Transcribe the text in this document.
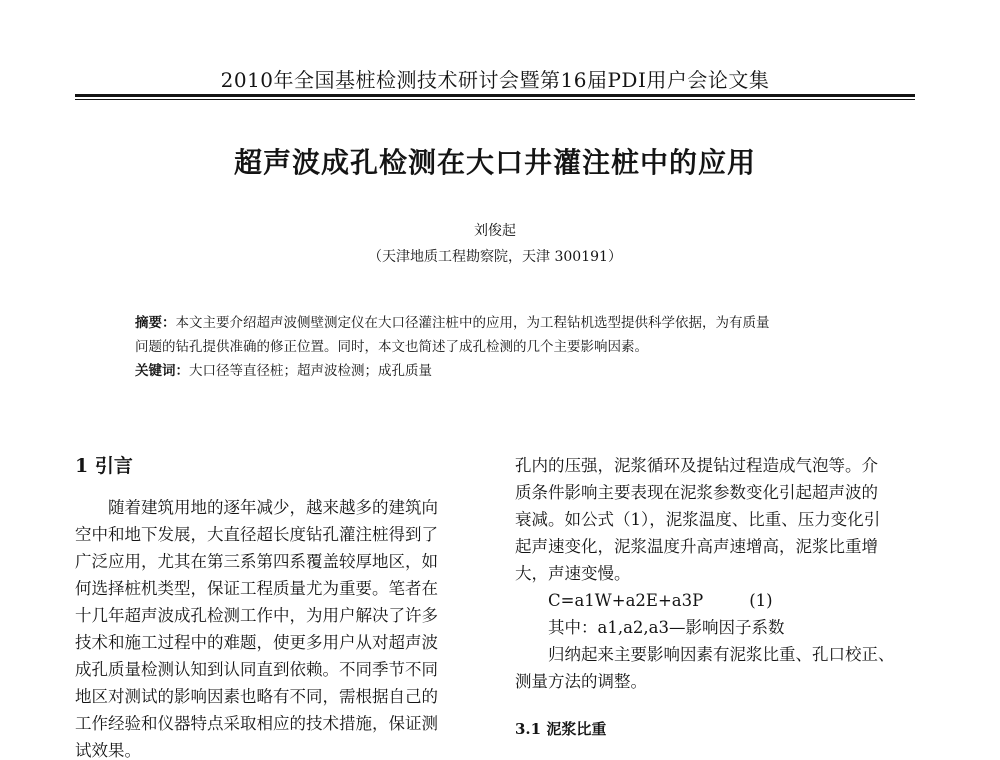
2010年全国基桩检测技术研讨会暨第16届PDI用户会论文集
超声波成孔检测在大口井灌注桩中的应用
刘俊起
（天津地质工程勘察院，天津 300191）
摘要：本文主要介绍超声波侧壁测定仪在大口径灌注桩中的应用，为工程钻机选型提供科学依据，为有质量
问题的钻孔提供准确的修正位置。同时，本文也简述了成孔检测的几个主要影响因素。
关键词：大口径等直径桩；超声波检测；成孔质量
1 引言
随着建筑用地的逐年减少，越来越多的建筑向
空中和地下发展，大直径超长度钻孔灌注桩得到了
广泛应用，尤其在第三系第四系覆盖较厚地区，如
何选择桩机类型，保证工程质量尤为重要。笔者在
十几年超声波成孔检测工作中，为用户解决了许多
技术和施工过程中的难题，使更多用户从对超声波
成孔质量检测认知到认同直到依赖。不同季节不同
地区对测试的影响因素也略有不同，需根据自己的
工作经验和仪器特点采取相应的技术措施，保证测
试效果。
孔内的压强，泥浆循环及提钻过程造成气泡等。介
质条件影响主要表现在泥浆参数变化引起超声波的
衰减。如公式（1），泥浆温度、比重、压力变化引
起声速变化，泥浆温度升高声速增高，泥浆比重增
大，声速变慢。
C=a1W+a2E+a3P	(1)
其中：a1,a2,a3—影响因子系数
归纳起来主要影响因素有泥浆比重、孔口校正、
测量方法的调整。
3.1 泥浆比重
